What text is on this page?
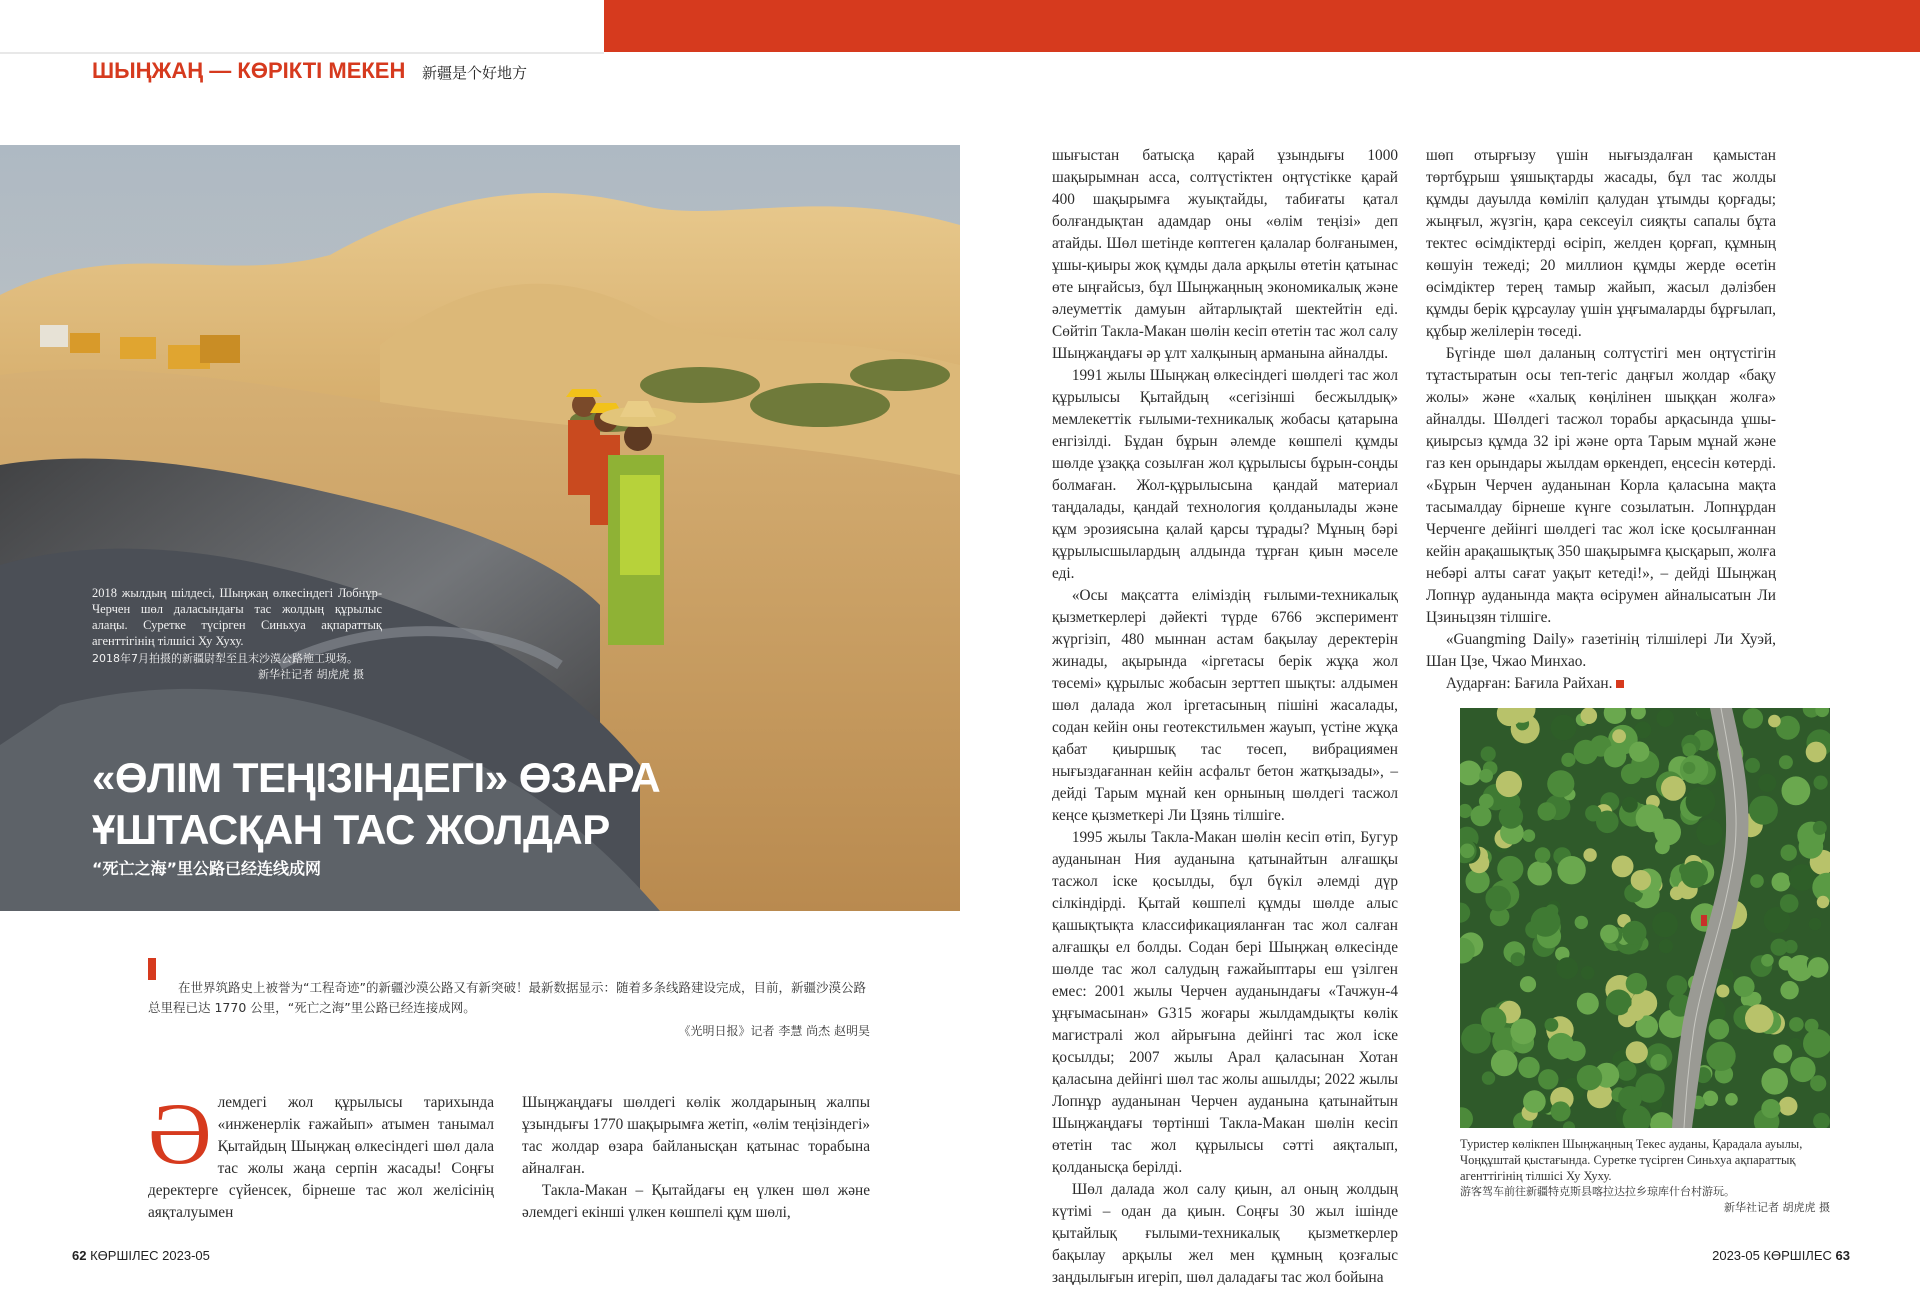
ШЫҢЖАҢ — КӨРІКТІ МЕКЕН 新疆是个好地方
2018 жылдың шілдесі, Шыңжаң өлкесіндегі Лобнұр-Черчен шөл даласындағы тас жолдың құрылыс алаңы. Суретке түсірген Синьхуа ақпараттық агенттігінің тілшісі Ху Хуху.
2018年7月拍摄的新疆尉犁至且末沙漠公路施工现场。
新华社记者 胡虎虎 摄
«ӨЛІМ ТЕҢІЗІНДЕГІ» ӨЗАРА
ҰШТАСҚАН ТАС ЖОЛДАР
“死亡之海”里公路已经连线成网
在世界筑路史上被誉为“工程奇迹”的新疆沙漠公路又有新突破！最新数据显示：随着多条线路建设完成，目前，新疆沙漠公路总里程已达 1770 公里，“死亡之海”里公路已经连接成网。
《光明日报》记者 李慧 尚杰 赵明昊

Әлемдегі жол құрылысы тарихында «инженерлік ғажайып» атымен танымал Қытайдың Шыңжаң өлкесіндегі шөл дала тас жолы жаңа серпін жасады! Соңғы деректерге сүйенсек, бірнеше тас жол желісінің аяқталуымен

Шыңжаңдағы шөлдегі көлік жолдарының жалпы ұзындығы 1770 шақырымға жетіп, «өлім теңізіндегі» тас жолдар өзара байланысқан қатынас торабына айналған.

Такла-Макан – Қытайдағы ең үлкен шөл және әлемдегі екінші үлкен көшпелі құм шөлі,

шығыстан батысқа қарай ұзындығы 1000 шақырымнан асса, солтүстіктен оңтүстікке қарай 400 шақырымға жуықтайды, табиғаты қатал болғандықтан адамдар оны «өлім теңізі» деп атайды. Шөл шетінде көптеген қалалар болғанымен, ұшы-қиыры жоқ құмды дала арқылы өтетін қатынас өте ыңғайсыз, бұл Шыңжаңның экономикалық және әлеуметтік дамуын айтарлықтай шектейтін еді. Сөйтіп Такла-Макан шөлін кесіп өтетін тас жол салу Шыңжаңдағы әр ұлт халқының арманына айналды.

1991 жылы Шыңжаң өлкесіндегі шөлдегі тас жол құрылысы Қытайдың «сегізінші бесжылдық» мемлекеттік ғылыми-техникалық жобасы қатарына енгізілді. Бұдан бұрын әлемде көшпелі құмды шөлде ұзаққа созылған жол құрылысы бұрын-соңды болмаған. Жол-құрылысына қандай материал таңдалады, қандай технология қолданылады және құм эрозиясына қалай қарсы тұрады? Мұның бәрі құрылысшылардың алдында тұрған қиын мәселе еді.

«Осы мақсатта еліміздің ғылыми-техникалық қызметкерлері дәйекті түрде 6766 эксперимент жүргізіп, 480 мыннан астам бақылау деректерін жинады, ақырында «іргетасы берік жұқа жол төсемі» құрылыс жобасын зерттеп шықты: алдымен шөл далада жол іргетасының пішіні жасалады, содан кейін оны геотекстильмен жауып, үстіне жұқа қабат қиыршық тас төсеп, вибрациямен нығыздағаннан кейін асфальт бетон жатқызады», – дейді Тарым мұнай кен орнының шөлдегі тасжол кеңсе қызметкері Ли Цзянь тілшіге.

1995 жылы Такла-Макан шөлін кесіп өтіп, Бугур ауданынан Ния ауданына қатынайтын алғашқы тасжол іске қосылды, бұл бүкіл әлемді дүр сілкіндірді. Қытай көшпелі құмды шөлде алыс қашықтықта классификацияланған тас жол салған алғашқы ел болды. Содан бері Шыңжаң өлкесінде шөлде тас жол салудың ғажайыптары еш үзілген емес: 2001 жылы Черчен ауданындағы «Тачжун-4 ұңғымасынан» G315 жоғары жылдамдықты көлік магистралі жол айрығына дейінгі тас жол іске қосылды; 2007 жылы Арал қаласынан Хотан қаласына дейінгі шөл тас жолы ашылды; 2022 жылы Лопнұр ауданынан Черчен ауданына қатынайтын Шыңжаңдағы төртінші Такла-Макан шөлін кесіп өтетін тас жол құрылысы сәтті аяқталып, қолданысқа берілді.

Шөл далада жол салу қиын, ал оның жолдың күтімі – одан да қиын. Соңғы 30 жыл ішінде қытайлық ғылыми-техникалық қызметкерлер бақылау арқылы жел мен құмның қозғалыс заңдылығын игеріп, шөл даладағы тас жол бойына

шөп отырғызу үшін нығыздалған қамыстан төртбұрыш ұяшықтарды жасады, бұл тас жолды құмды дауылда көміліп қалудан ұтымды қорғады; жыңғыл, жүзгін, қара сексеуіл сияқты сапалы бұта тектес өсімдіктерді өсіріп, желден қорғап, құмның көшуін тежеді; 20 миллион құмды жерде өсетін өсімдіктер терең тамыр жайып, жасыл дәлізбен құмды берік құрсаулау үшін ұңғымаларды бұрғылап, құбыр желілерін төседі.

Бүгінде шөл даланың солтүстігі мен оңтүстігін тұтастыратын осы теп-тегіс даңғыл жолдар «бақу жолы» және «халық көңілінен шыққан жолға» айналды. Шөлдегі тасжол торабы арқасында ұшы-қиырсыз құмда 32 ірі және орта Тарым мұнай және газ кен орындары жылдам өркендеп, еңсесін көтерді. «Бұрын Черчен ауданынан Корла қаласына мақта тасымалдау бірнеше күнге созылатын. Лопнұрдан Черченге дейінгі шөлдегі тас жол іске қосылғаннан кейін арақашықтық 350 шақырымға қысқарып, жолға небәрі алты сағат уақыт кетеді!», – дейді Шыңжаң Лопнұр ауданында мақта өсірумен айналысатын Ли Цзиньцзян тілшіге.

«Guangming Daily» газетінің тілшілері Ли Хуэй, Шан Цзе, Чжао Минхао.

Аударған: Бағила Райхан.

Туристер көлікпен Шыңжаңның Текес ауданы, Қарадала ауылы, Чоңқұштай қыстағында. Суретке түсірген Синьхуа ақпараттық агенттігінің тілшісі Ху Хуху.
游客驾车前往新疆特克斯县喀拉达拉乡琼库什台村游玩。
新华社记者 胡虎虎 摄
62 КӨРШІЛЕС 2023-05	2023-05 КӨРШІЛЕС 63
